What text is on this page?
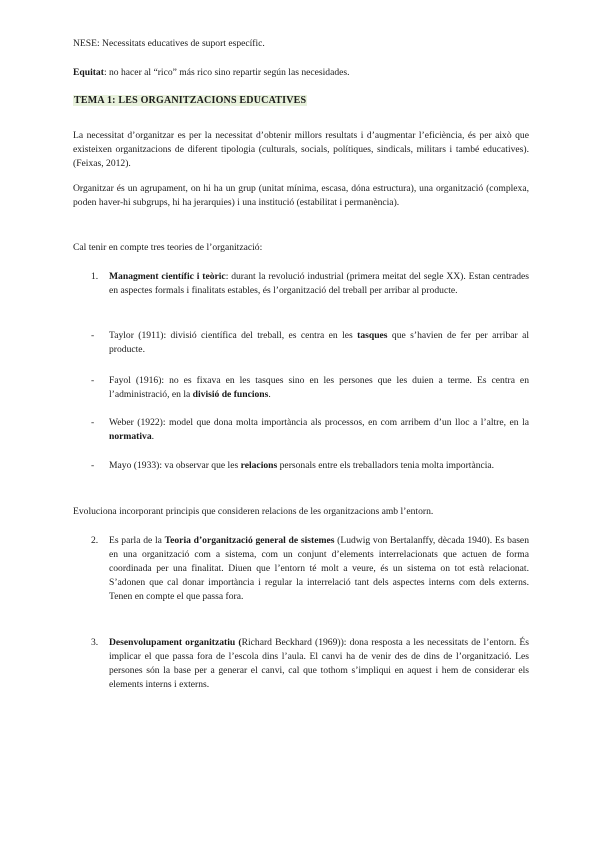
NESE: Necessitats educatives de suport específic.

Equitat: no hacer al “rico” más rico sino repartir según las necesidades.

TEMA 1: LES ORGANITZACIONS EDUCATIVES

La necessitat d’organitzar es per la necessitat d’obtenir millors resultats i d’augmentar l’eficiència, és per això que existeixen organitzacions de diferent tipologia (culturals, socials, polítiques, sindicals, militars i també educatives). (Feixas, 2012).

Organitzar és un agrupament, on hi ha un grup (unitat mínima, escasa, dóna estructura), una organització (complexa, poden haver-hi subgrups, hi ha jerarquies) i una institució (estabilitat i permanència).

Cal tenir en compte tres teories de l’organització:

1.	Managment científic i teòric: durant la revolució industrial (primera meitat del segle XX). Estan centrades en aspectes formals i finalitats estables, és l’organització del treball per arribar al producte.

-	Taylor (1911): divisió científica del treball, es centra en les tasques que s’havien de fer per arribar al producte.

-	Fayol (1916): no es fixava en les tasques sino en les persones que les duien a terme. Es centra en l’administració, en la divisió de funcions.

-	Weber (1922): model que dona molta importància als processos, en com arribem d’un lloc a l’altre, en la normativa.

-	Mayo (1933): va observar que les relacions personals entre els treballadors tenia molta importància.

Evoluciona incorporant principis que consideren relacions de les organitzacions amb l’entorn.

2.	Es parla de la Teoria d’organització general de sistemes (Ludwig von Bertalanffy, dècada 1940). Es basen en una organització com a sistema, com un conjunt d’elements interrelacionats que actuen de forma coordinada per una finalitat. Diuen que l’entorn té molt a veure, és un sistema on tot està relacionat. S’adonen que cal donar importància i regular la interrelació tant dels aspectes interns com dels externs. Tenen en compte el que passa fora.

3.	Desenvolupament organitzatiu (Richard Beckhard (1969)): dona resposta a les necessitats de l’entorn. És implicar el que passa fora de l’escola dins l’aula. El canvi ha de venir des de dins de l’organització. Les persones són la base per a generar el canvi, cal que tothom s’impliqui en aquest i hem de considerar els elements interns i externs.
